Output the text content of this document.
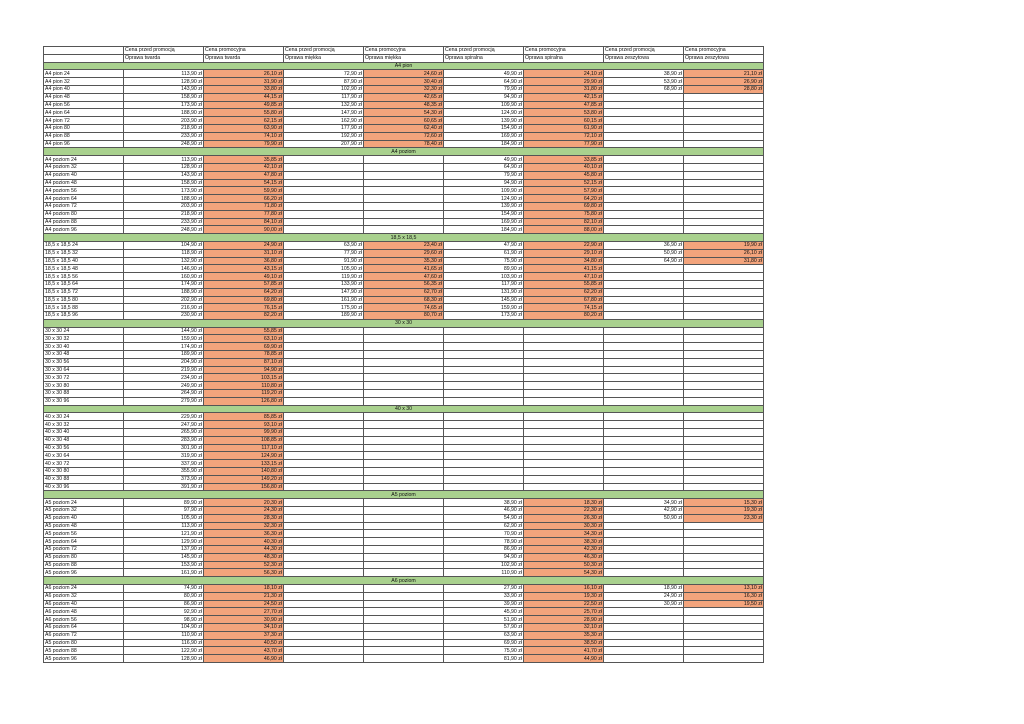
	Cena przed promocją	Cena promocyjna	Cena przed promocją	Cena promocyjna	Cena przed promocją	Cena promocyjna	Cena przed promocją	Cena promocyjna
	Oprawa twarda	Oprawa twarda	Oprawa miękka	Oprawa miękka	Oprawa spiralna	Oprawa spiralna	Oprawa zeszytowa	Oprawa zeszytowa
A4 pion								
A4 pion 24	113,90 zł	26,10 zł	72,90 zł	24,60 zł	49,90 zł	24,10 zł	38,90 zł	21,10 zł
A4 pion 32	128,90 zł	31,90 zł	87,90 zł	30,40 zł	64,90 zł	29,90 zł	53,90 zł	26,90 zł
A4 pion 40	143,90 zł	33,80 zł	102,90 zł	32,30 zł	79,90 zł	31,80 zł	68,90 zł	28,80 zł
A4 pion 48	158,90 zł	44,15 zł	117,90 zł	42,65 zł	94,90 zł	42,15 zł		
A4 pion 56	173,90 zł	49,85 zł	132,90 zł	48,35 zł	109,90 zł	47,85 zł		
A4 pion 64	188,90 zł	55,80 zł	147,90 zł	54,30 zł	124,90 zł	53,80 zł		
A4 pion 72	203,90 zł	62,15 zł	162,90 zł	60,65 zł	139,90 zł	60,15 zł		
A4 pion 80	218,90 zł	63,90 zł	177,90 zł	62,40 zł	154,90 zł	61,90 zł		
A4 pion 88	233,90 zł	74,10 zł	192,90 zł	72,60 zł	169,90 zł	72,10 zł		
A4 pion 96	248,90 zł	79,90 zł	207,90 zł	78,40 zł	184,90 zł	77,90 zł		
A4 poziom								
A4 poziom 24	113,90 zł	35,85 zł			49,90 zł	33,85 zł		
A4 poziom 32	128,90 zł	42,10 zł			64,90 zł	40,10 zł		
A4 poziom 40	143,90 zł	47,80 zł			79,90 zł	45,80 zł		
A4 poziom 48	158,90 zł	54,15 zł			94,90 zł	52,15 zł		
A4 poziom 56	173,90 zł	59,90 zł			109,90 zł	57,90 zł		
A4 poziom 64	188,90 zł	66,20 zł			124,90 zł	64,20 zł		
A4 poziom 72	203,90 zł	71,80 zł			139,90 zł	69,80 zł		
A4 poziom 80	218,90 zł	77,80 zł			154,90 zł	75,80 zł		
A4 poziom 88	233,90 zł	84,10 zł			169,90 zł	82,10 zł		
A4 poziom 96	248,90 zł	90,00 zł			184,90 zł	88,00 zł		
18,5 x 18,5								
18,5 x 18,5 24	104,90 zł	24,90 zł	63,90 zł	23,40 zł	47,90 zł	22,90 zł	36,90 zł	19,90 zł
18,5 x 18,5 32	118,90 zł	31,10 zł	77,90 zł	29,60 zł	61,90 zł	29,10 zł	50,90 zł	26,10 zł
18,5 x 18,5 40	132,90 zł	36,80 zł	91,90 zł	35,30 zł	75,90 zł	34,80 zł	64,90 zł	31,80 zł
18,5 x 18,5 48	146,90 zł	43,15 zł	105,90 zł	41,65 zł	89,90 zł	41,15 zł		
18,5 x 18,5 56	160,90 zł	49,10 zł	119,90 zł	47,60 zł	103,90 zł	47,10 zł		
18,5 x 18,5 64	174,90 zł	57,85 zł	133,90 zł	56,35 zł	117,90 zł	55,85 zł		
18,5 x 18,5 72	188,90 zł	64,20 zł	147,90 zł	62,70 zł	131,90 zł	62,20 zł		
18,5 x 18,5 80	202,90 zł	69,80 zł	161,90 zł	68,30 zł	145,90 zł	67,80 zł		
18,5 x 18,5 88	216,90 zł	76,15 zł	175,90 zł	74,65 zł	159,90 zł	74,15 zł		
18,5 x 18,5 96	230,90 zł	82,20 zł	189,90 zł	80,70 zł	173,90 zł	80,20 zł		
30 x 30								
30 x 30 24	144,90 zł	55,85 zł						
30 x 30 32	159,90 zł	63,10 zł						
30 x 30 40	174,90 zł	69,90 zł						
30 x 30 48	189,90 zł	78,85 zł						
30 x 30 56	204,90 zł	87,10 zł						
30 x 30 64	219,90 zł	94,90 zł						
30 x 30 72	234,90 zł	103,15 zł						
30 x 30 80	249,90 zł	110,80 zł						
30 x 30 88	264,90 zł	119,20 zł						
30 x 30 96	279,90 zł	126,80 zł						
40 x 30								
40 x 30 24	229,90 zł	85,85 zł						
40 x 30 32	247,90 zł	93,10 zł						
40 x 30 40	265,90 zł	99,90 zł						
40 x 30 48	283,90 zł	108,85 zł						
40 x 30 56	301,90 zł	117,10 zł						
40 x 30 64	319,90 zł	124,90 zł						
40 x 30 72	337,90 zł	133,15 zł						
40 x 30 80	355,90 zł	140,80 zł						
40 x 30 88	373,90 zł	149,20 zł						
40 x 30 96	391,90 zł	156,80 zł						
A5 poziom								
A5 poziom 24	89,90 zł	20,30 zł			38,90 zł	18,30 zł	34,90 zł	15,30 zł
A5 poziom 32	97,90 zł	24,30 zł			46,90 zł	22,30 zł	42,90 zł	19,30 zł
A5 poziom 40	105,90 zł	28,30 zł			54,90 zł	26,30 zł	50,90 zł	23,30 zł
A5 poziom 48	113,90 zł	32,30 zł			62,90 zł	30,30 zł		
A5 poziom 56	121,90 zł	36,30 zł			70,90 zł	34,30 zł		
A5 poziom 64	129,90 zł	40,30 zł			78,90 zł	38,30 zł		
A5 poziom 72	137,90 zł	44,30 zł			86,90 zł	42,30 zł		
A5 poziom 80	145,90 zł	48,30 zł			94,90 zł	46,30 zł		
A5 poziom 88	153,90 zł	52,30 zł			102,90 zł	50,30 zł		
A5 poziom 96	161,90 zł	56,30 zł			110,90 zł	54,30 zł		
A6 poziom								
A6 poziom 24	74,90 zł	18,10 zł			27,90 zł	16,10 zł	18,90 zł	13,10 zł
A6 poziom 32	80,90 zł	21,30 zł			33,90 zł	19,30 zł	24,90 zł	16,30 zł
A6 poziom 40	86,90 zł	24,50 zł			39,90 zł	22,50 zł	30,90 zł	19,50 zł
A6 poziom 48	92,90 zł	27,70 zł			45,90 zł	25,70 zł		
A6 poziom 56	98,90 zł	30,90 zł			51,90 zł	28,90 zł		
A6 poziom 64	104,90 zł	34,10 zł			57,90 zł	32,10 zł		
A6 poziom 72	110,90 zł	37,30 zł			63,90 zł	35,30 zł		
A5 poziom 80	116,90 zł	40,50 zł			69,90 zł	38,50 zł		
A5 poziom 88	122,90 zł	43,70 zł			75,90 zł	41,70 zł		
A5 poziom 96	128,90 zł	46,90 zł			81,90 zł	44,90 zł		
